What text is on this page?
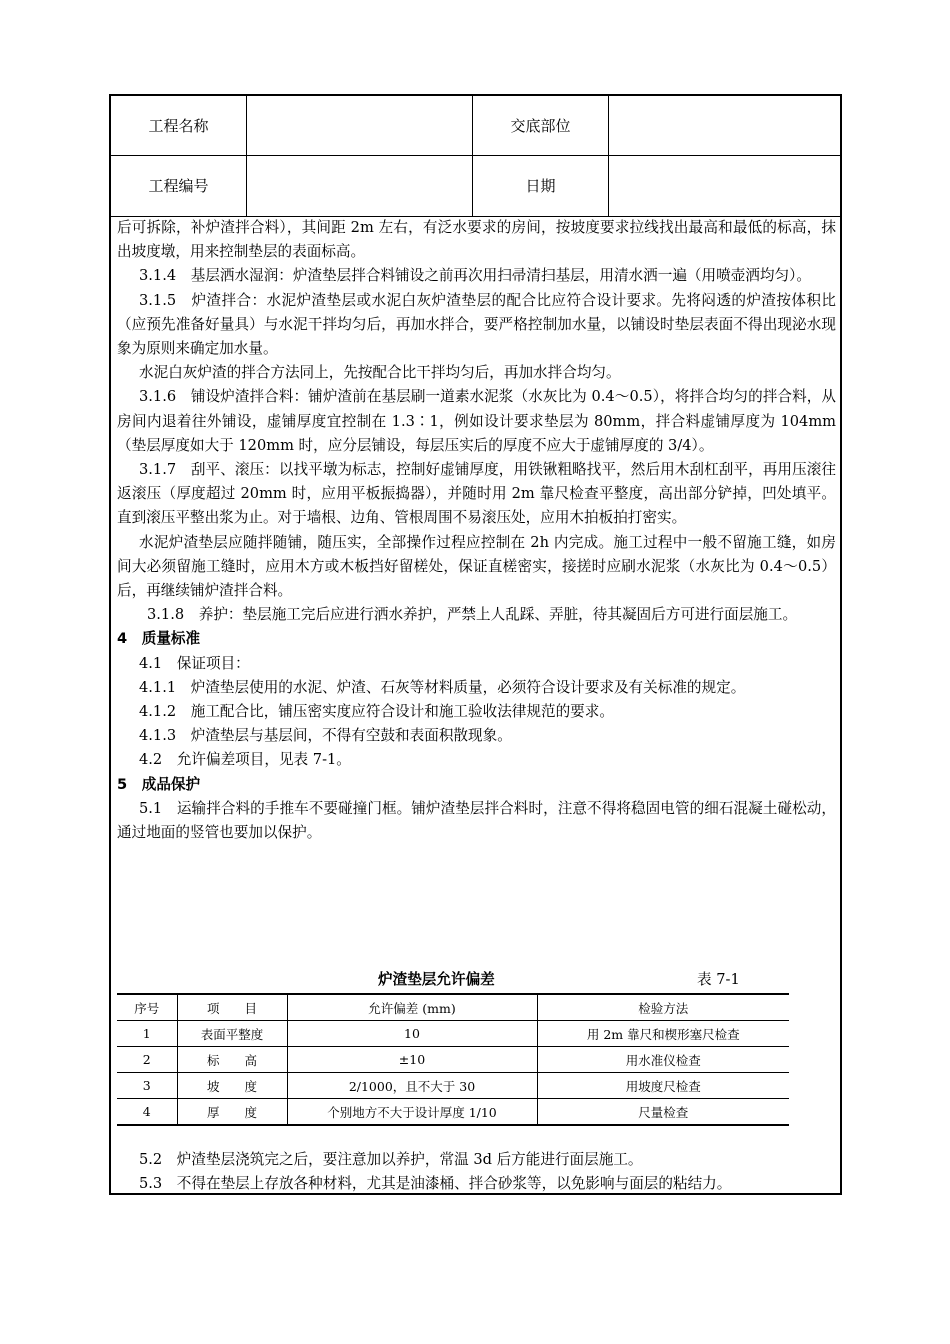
工程名称	交底部位
工程编号	日期

后可拆除，补炉渣拌合料），其间距 2m 左右，有泛水要求的房间，按坡度要求拉线找出最高和最低的标高，抹出坡度墩，用来控制垫层的表面标高。

3.1.4　基层洒水湿润：炉渣垫层拌合料铺设之前再次用扫帚清扫基层，用清水洒一遍（用喷壶洒均匀）。

3.1.5　炉渣拌合：水泥炉渣垫层或水泥白灰炉渣垫层的配合比应符合设计要求。先将闷透的炉渣按体积比（应预先准备好量具）与水泥干拌均匀后，再加水拌合，要严格控制加水量，以铺设时垫层表面不得出现泌水现象为原则来确定加水量。

水泥白灰炉渣的拌合方法同上，先按配合比干拌均匀后，再加水拌合均匀。

3.1.6　铺设炉渣拌合料：铺炉渣前在基层刷一道素水泥浆（水灰比为 0.4～0.5），将拌合均匀的拌合料，从房间内退着往外铺设，虚铺厚度宜控制在 1.3∶1，例如设计要求垫层为 80mm，拌合料虚铺厚度为 104mm（垫层厚度如大于 120mm 时，应分层铺设，每层压实后的厚度不应大于虚铺厚度的 3/4）。

3.1.7　刮平、滚压：以找平墩为标志，控制好虚铺厚度，用铁锹粗略找平，然后用木刮杠刮平，再用压滚往返滚压（厚度超过 20mm 时，应用平板振捣器），并随时用 2m 靠尺检查平整度，高出部分铲掉，凹处填平。直到滚压平整出浆为止。对于墙根、边角、管根周围不易滚压处，应用木拍板拍打密实。

水泥炉渣垫层应随拌随铺，随压实，全部操作过程应控制在 2h 内完成。施工过程中一般不留施工缝，如房间大必须留施工缝时，应用木方或木板挡好留槎处，保证直槎密实，接搓时应刷水泥浆（水灰比为 0.4～0.5）后，再继续铺炉渣拌合料。

3.1.8　养护：垫层施工完后应进行洒水养护，严禁上人乱踩、弄脏，待其凝固后方可进行面层施工。

4　质量标准

4.1　保证项目：

4.1.1　炉渣垫层使用的水泥、炉渣、石灰等材料质量，必须符合设计要求及有关标准的规定。

4.1.2　施工配合比，铺压密实度应符合设计和施工验收法律规范的要求。

4.1.3　炉渣垫层与基层间，不得有空鼓和表面积散现象。

4.2　允许偏差项目，见表 7-1。

5　成品保护

5.1　运输拌合料的手推车不要碰撞门框。铺炉渣垫层拌合料时，注意不得将稳固电管的细石混凝土碰松动，通过地面的竖管也要加以保护。

炉渣垫层允许偏差	表 7-1
序号	项　　目	允许偏差 (mm)	检验方法
1	表面平整度	10	用 2m 靠尺和楔形塞尺检查
2	标　　高	±10	用水准仪检查
3	坡　　度	2/1000，且不大于 30	用坡度尺检查
4	厚　　度	个别地方不大于设计厚度 1/10	尺量检查

5.2　炉渣垫层浇筑完之后，要注意加以养护，常温 3d 后方能进行面层施工。

5.3　不得在垫层上存放各种材料，尤其是油漆桶、拌合砂浆等，以免影响与面层的粘结力。
